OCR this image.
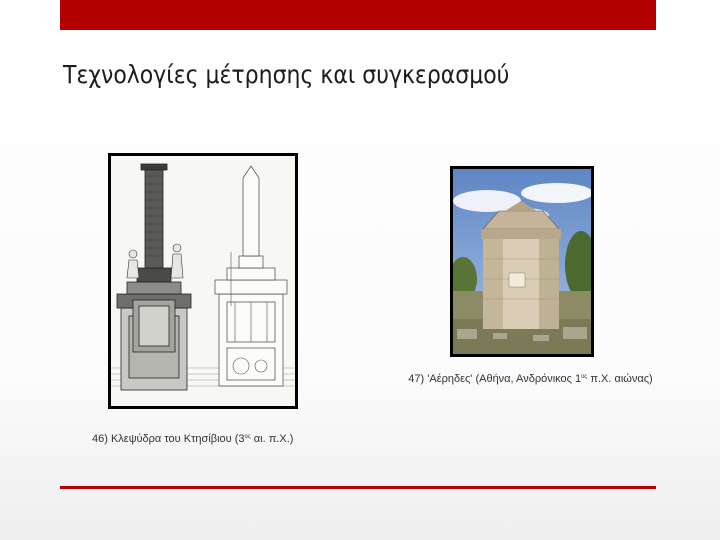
Τεχνολογίες μέτρησης και συγκερασμού
47) 'Αέρηδες' (Αθήνα, Ανδρόνικος $1^{o\varsigma}$ π.Χ. αιώνας)
46) Κλεψύδρα του Κτησίβιου ($3^{o\varsigma}$ αι. π.Χ.)
